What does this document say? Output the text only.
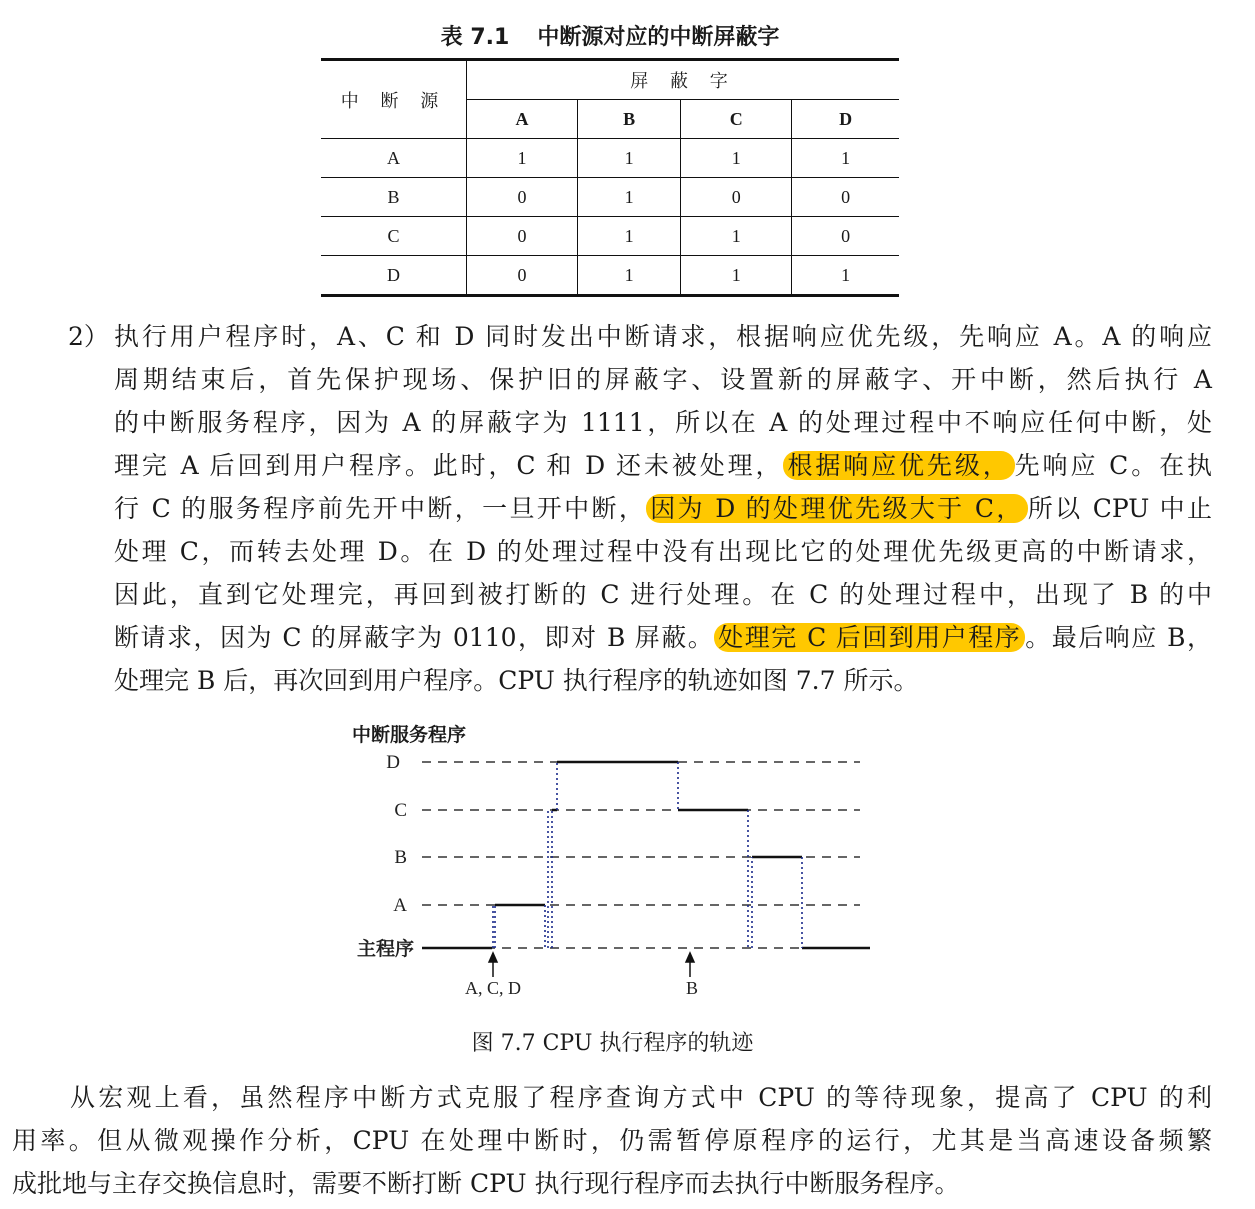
表 7.1 中断源对应的中断屏蔽字
中 断 源	屏 蔽 字			
	A	B	C	D
A	1	1	1	1
B	0	1	0	0
C	0	1	1	0
D	0	1	1	1
2） 执行用户程序时，A、C 和 D 同时发出中断请求，根据响应优先级，先响应 A。A 的响应
周期结束后，首先保护现场、保护旧的屏蔽字、设置新的屏蔽字、开中断，然后执行 A
的中断服务程序，因为 A 的屏蔽字为 1111，所以在 A 的处理过程中不响应任何中断，处
理完 A 后回到用户程序。此时，C 和 D 还未被处理， 根据响应优先级， 先响应 C。在执
行 C 的服务程序前先开中断，一旦开中断， 因为 D 的处理优先级大于 C， 所以 CPU 中止
处理 C，而转去处理 D。在 D 的处理过程中没有出现比它的处理优先级更高的中断请求，
因此，直到它处理完，再回到被打断的 C 进行处理。在 C 的处理过程中，出现了 B 的中
断请求，因为 C 的屏蔽字为 0110，即对 B 屏蔽。 处理完 C 后回到用户程序 。最后响应 B，
处理完 B 后，再次回到用户程序。CPU 执行程序的轨迹如图 7.7 所示。
中断服务程序
D
C
B
A
主程序
A, C, D	B
图 7.7 CPU 执行程序的轨迹
从宏观上看，虽然程序中断方式克服了程序查询方式中 CPU 的等待现象，提高了 CPU 的利
用率。但从微观操作分析，CPU 在处理中断时，仍需暂停原程序的运行，尤其是当高速设备频繁
成批地与主存交换信息时，需要不断打断 CPU 执行现行程序而去执行中断服务程序。
